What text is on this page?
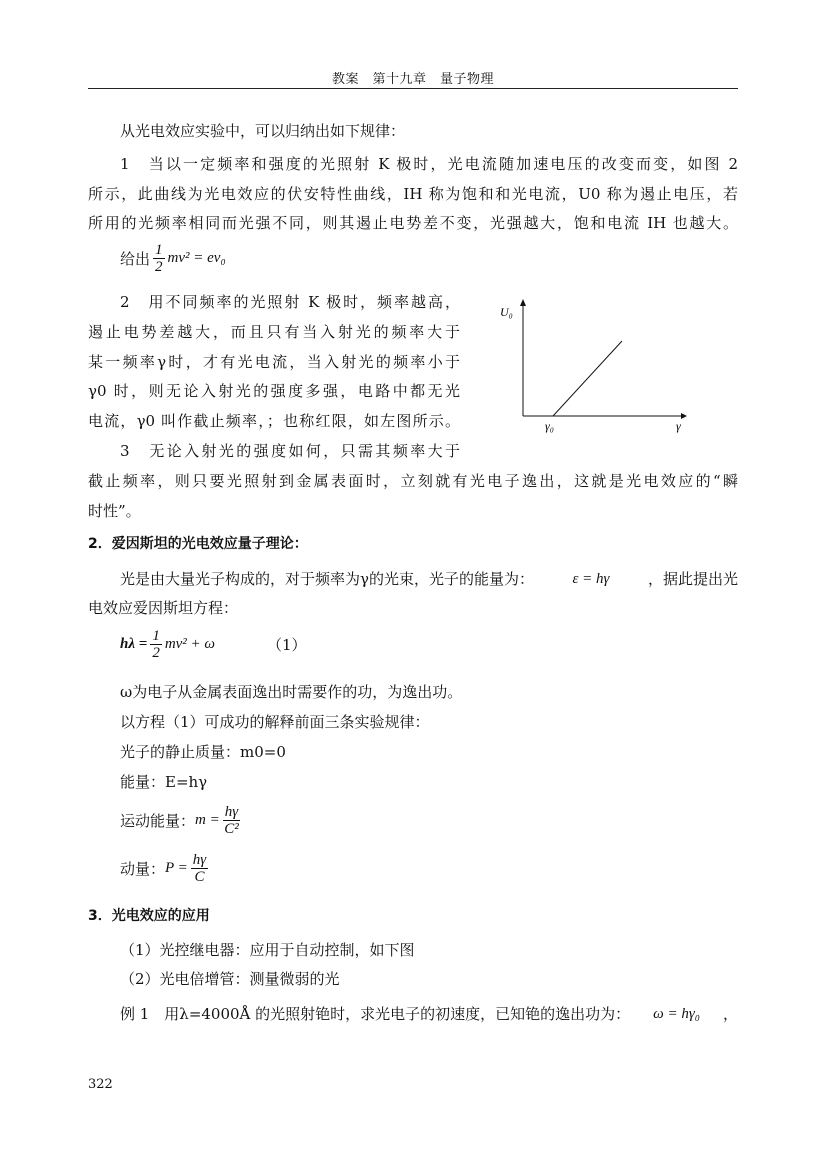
教案　第十九章　量子物理
从光电效应实验中，可以归纳出如下规律：
1　当以一定频率和强度的光照射 K 极时，光电流随加速电压的改变而变，如图 2
所示，此曲线为光电效应的伏安特性曲线，IH 称为饱和和光电流，U0 称为遏止电压，若
所用的光频率相同而光强不同，则其遏止电势差不变，光强越大，饱和电流 IH 也越大。
给出 $\frac{1}{2} mv^2 = ev_0$
2　用不同频率的光照射 K 极时，频率越高，
遏止电势差越大，而且只有当入射光的频率大于
某一频率γ时，才有光电流，当入射光的频率小于
γ0 时，则无论入射光的强度多强，电路中都无光
电流，γ0 叫作截止频率，；也称红限，如左图所示。
3　无论入射光的强度如何，只需其频率大于
截止频率，则只要光照射到金属表面时，立刻就有光电子逸出，这就是光电效应的“瞬
时性”。
U₀
γ₀	γ
2．爱因斯坦的光电效应量子理论：
光是由大量光子构成的，对于频率为γ的光束，光子的能量为：	ε = hγ	，据此提出光
电效应爱因斯坦方程：
$h\lambda = \frac{1}{2} mv^2 + \omega$	（1）
ω为电子从金属表面逸出时需要作的功，为逸出功。
以方程（1）可成功的解释前面三条实验规律：
光子的静止质量：m0=0
能量：E=hγ
运动能量：$m = \frac{h\gamma}{\text{C²}}$
动量：$P = \frac{h\gamma}{C}$
3．光电效应的应用
（1）光控继电器：应用于自动控制，如下图
（2）光电倍增管：测量微弱的光
例 1　用λ=4000Å 的光照射铯时，求光电子的初速度，已知铯的逸出功为： ω = hγ₀ ，
322
